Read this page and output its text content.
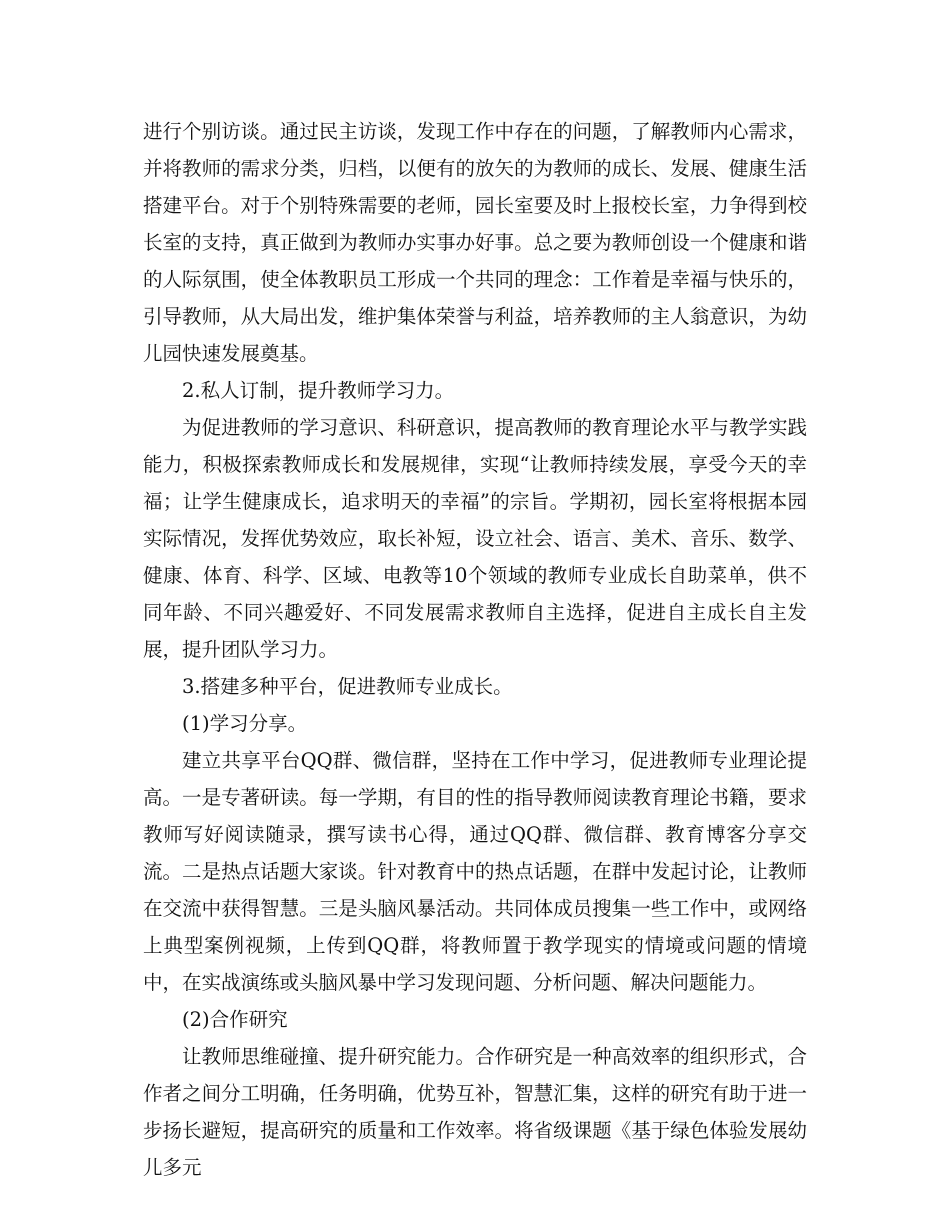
进行个别访谈。通过民主访谈，发现工作中存在的问题，了解教师内心需求，并将教师的需求分类，归档，以便有的放矢的为教师的成长、发展、健康生活搭建平台。对于个别特殊需要的老师，园长室要及时上报校长室，力争得到校长室的支持，真正做到为教师办实事办好事。总之要为教师创设一个健康和谐的人际氛围，使全体教职员工形成一个共同的理念：工作着是幸福与快乐的，引导教师，从大局出发，维护集体荣誉与利益，培养教师的主人翁意识，为幼儿园快速发展奠基。

2.私人订制，提升教师学习力。

为促进教师的学习意识、科研意识，提高教师的教育理论水平与教学实践能力，积极探索教师成长和发展规律，实现“让教师持续发展，享受今天的幸福；让学生健康成长，追求明天的幸福”的宗旨。学期初，园长室将根据本园实际情况，发挥优势效应，取长补短，设立社会、语言、美术、音乐、数学、健康、体育、科学、区域、电教等10个领域的教师专业成长自助菜单，供不同年龄、不同兴趣爱好、不同发展需求教师自主选择，促进自主成长自主发展，提升团队学习力。

3.搭建多种平台，促进教师专业成长。

(1)学习分享。

建立共享平台QQ群、微信群，坚持在工作中学习，促进教师专业理论提高。一是专著研读。每一学期，有目的性的指导教师阅读教育理论书籍，要求教师写好阅读随录，撰写读书心得，通过QQ群、微信群、教育博客分享交流。二是热点话题大家谈。针对教育中的热点话题，在群中发起讨论，让教师在交流中获得智慧。三是头脑风暴活动。共同体成员搜集一些工作中，或网络上典型案例视频，上传到QQ群，将教师置于教学现实的情境或问题的情境中，在实战演练或头脑风暴中学习发现问题、分析问题、解决问题能力。

(2)合作研究

让教师思维碰撞、提升研究能力。合作研究是一种高效率的组织形式，合作者之间分工明确，任务明确，优势互补，智慧汇集，这样的研究有助于进一步扬长避短，提高研究的质量和工作效率。将省级课题《基于绿色体验发展幼儿多元
